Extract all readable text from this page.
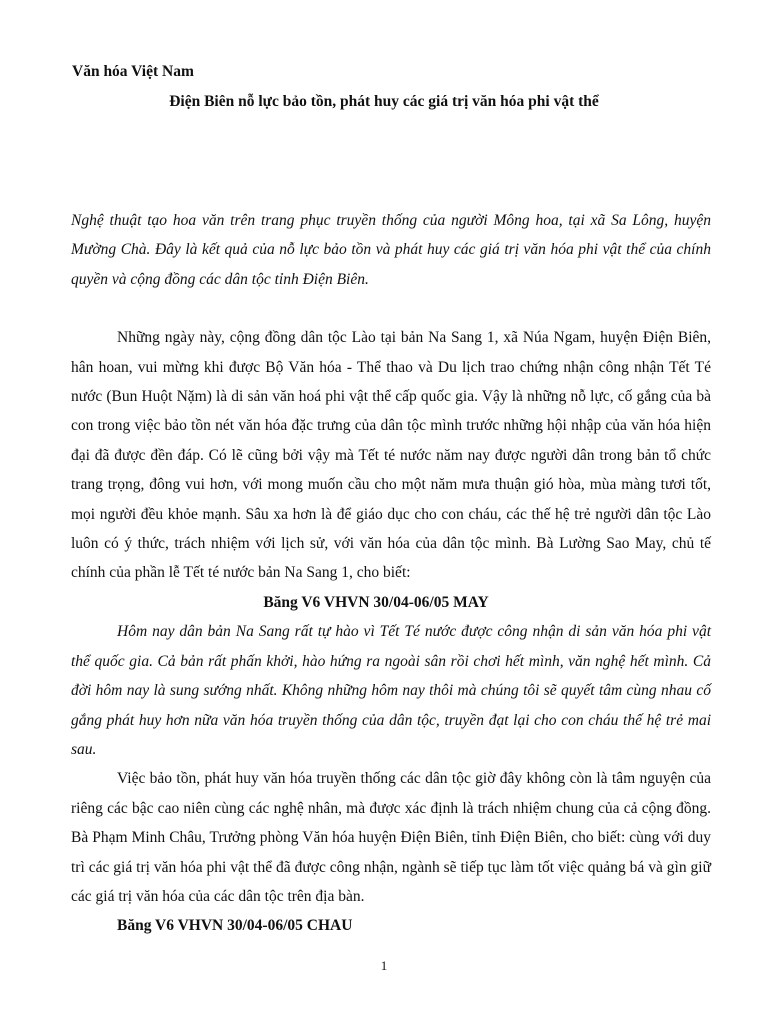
Văn hóa Việt Nam
Điện Biên nỗ lực bảo tồn, phát huy các giá trị văn hóa phi vật thể

Nghệ thuật tạo hoa văn trên trang phục truyền thống của người Mông hoa, tại xã Sa Lông, huyện Mường Chà. Đây là kết quả của nỗ lực bảo tồn và phát huy các giá trị văn hóa phi vật thể của chính quyền và cộng đồng các dân tộc tỉnh Điện Biên.

Những ngày này, cộng đồng dân tộc Lào tại bản Na Sang 1, xã Núa Ngam, huyện Điện Biên, hân hoan, vui mừng khi được Bộ Văn hóa - Thể thao và Du lịch trao chứng nhận công nhận Tết Té nước (Bun Huột Nặm) là di sản văn hoá phi vật thể cấp quốc gia. Vậy là những nỗ lực, cố gắng của bà con trong việc bảo tồn nét văn hóa đặc trưng của dân tộc mình trước những hội nhập của văn hóa hiện đại đã được đền đáp. Có lẽ cũng bởi vậy mà Tết té nước năm nay được người dân trong bản tổ chức trang trọng, đông vui hơn, với mong muốn cầu cho một năm mưa thuận gió hòa, mùa màng tươi tốt, mọi người đều khỏe mạnh. Sâu xa hơn là để giáo dục cho con cháu, các thế hệ trẻ người dân tộc Lào luôn có ý thức, trách nhiệm với lịch sử, với văn hóa của dân tộc mình. Bà Lường Sao May, chủ tế chính của phần lễ Tết té nước bản Na Sang 1, cho biết:

Băng V6 VHVN 30/04-06/05 MAY

Hôm nay dân bản Na Sang rất tự hào vì Tết Té nước được công nhận di sản văn hóa phi vật thể quốc gia. Cả bản rất phấn khởi, hào hứng ra ngoài sân rồi chơi hết mình, văn nghệ hết mình. Cả đời hôm nay là sung sướng nhất. Không những hôm nay thôi mà chúng tôi sẽ quyết tâm cùng nhau cố gắng phát huy hơn nữa văn hóa truyền thống của dân tộc, truyền đạt lại cho con cháu thế hệ trẻ mai sau.

Việc bảo tồn, phát huy văn hóa truyền thống các dân tộc giờ đây không còn là tâm nguyện của riêng các bậc cao niên cùng các nghệ nhân, mà được xác định là trách nhiệm chung của cả cộng đồng. Bà Phạm Minh Châu, Trưởng phòng Văn hóa huyện Điện Biên, tỉnh Điện Biên, cho biết: cùng với duy trì các giá trị văn hóa phi vật thể đã được công nhận, ngành sẽ tiếp tục làm tốt việc quảng bá và gìn giữ các giá trị văn hóa của các dân tộc trên địa bàn.

Băng V6 VHVN 30/04-06/05 CHAU

1
